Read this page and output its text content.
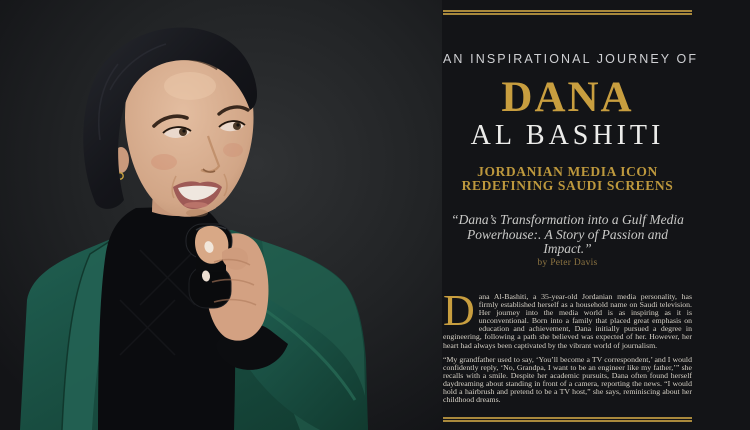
AN INSPIRATIONAL JOURNEY OF
DANA
AL BASHITI
JORDANIAN MEDIA ICON
REDEFINING SAUDI SCREENS
“Dana’s Transformation into a Gulf Media
Powerhouse:. A Story of Passion and Impact.”
by Peter Davis

Dana Al-Bashiti, a 35-year-old Jordanian media personality, has firmly established herself as a household name on Saudi television. Her journey into the media world is as inspiring as it is unconventional. Born into a family that placed great emphasis on education and achievement, Dana initially pursued a degree in engineering, following a path she believed was expected of her. However, her heart had always been captivated by the vibrant world of journalism.

“My grandfather used to say, ‘You’ll become a TV correspondent,’ and I would confidently reply, ‘No, Grandpa, I want to be an engineer like my father,’” she recalls with a smile. Despite her academic pursuits, Dana often found herself daydreaming about standing in front of a camera, reporting the news. “I would hold a hairbrush and pretend to be a TV host,” she says, reminiscing about her childhood dreams.
